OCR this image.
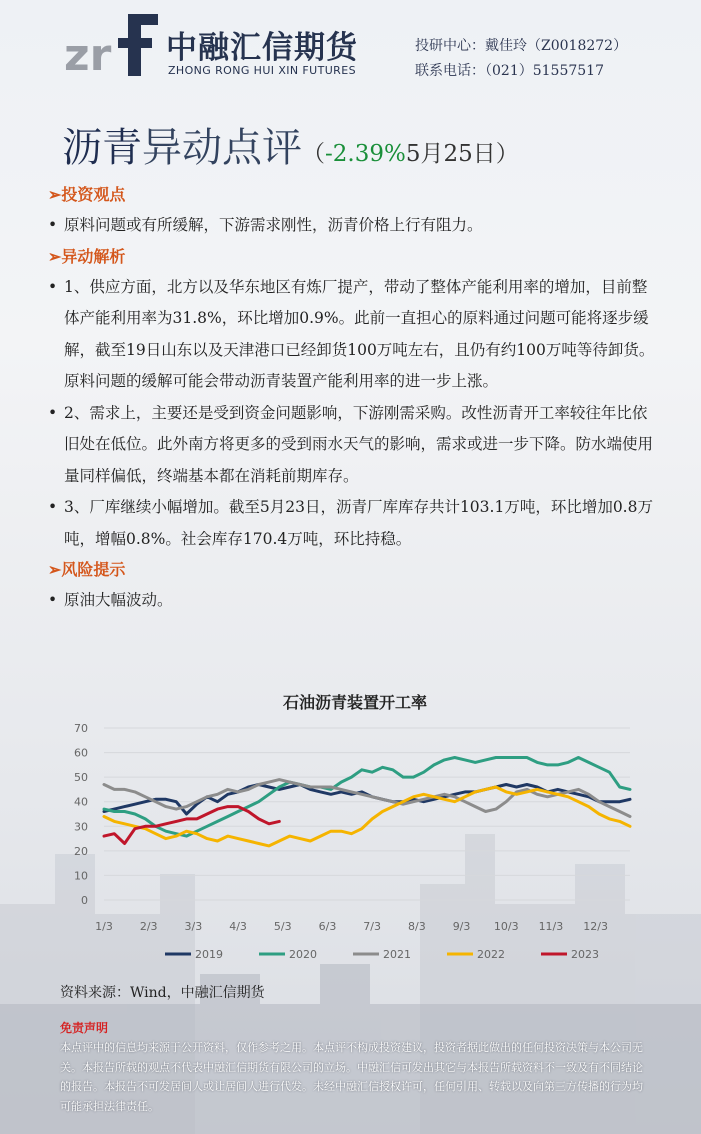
zr 中融汇信期货
ZHONG RONG HUI XIN FUTURES
投研中心：戴佳玲（Z0018272）
联系电话：（021）51557517
沥青异动点评（-2.39%5月25日）
➢投资观点
• 原料问题或有所缓解，下游需求刚性，沥青价格上行有阻力。
➢异动解析
• 1、供应方面，北方以及华东地区有炼厂提产，带动了整体产能利用率的增加，目前整体产能利用率为31.8%，环比增加0.9%。此前一直担心的原料通过问题可能将逐步缓解，截至19日山东以及天津港口已经卸货100万吨左右，且仍有约100万吨等待卸货。原料问题的缓解可能会带动沥青装置产能利用率的进一步上涨。
• 2、需求上，主要还是受到资金问题影响，下游刚需采购。改性沥青开工率较往年比依旧处在低位。此外南方将更多的受到雨水天气的影响，需求或进一步下降。防水端使用量同样偏低，终端基本都在消耗前期库存。
• 3、厂库继续小幅增加。截至5月23日，沥青厂库库存共计103.1万吨，环比增加0.8万吨，增幅0.8%。社会库存170.4万吨，环比持稳。
➢风险提示
• 原油大幅波动。
石油沥青装置开工率
0
10
20
30
40
50
60
70
1/3 2/3 3/3 4/3 5/3 6/3 7/3 8/3 9/3 10/3 11/3 12/3
2019	2020	2021	2022	2023
资料来源：Wind，中融汇信期货
免责声明
本点评中的信息均来源于公开资料，仅作参考之用。本点评不构成投资建议，投资者据此做出的任何投资决策与本公司无关。本报告所载的观点不代表中融汇信期货有限公司的立场。中融汇信可发出其它与本报告所载资料不一致及有不同结论的报告。本报告不可发居间人或让居间人进行代发。未经中融汇信授权许可，任何引用、转载以及向第三方传播的行为均可能承担法律责任。
